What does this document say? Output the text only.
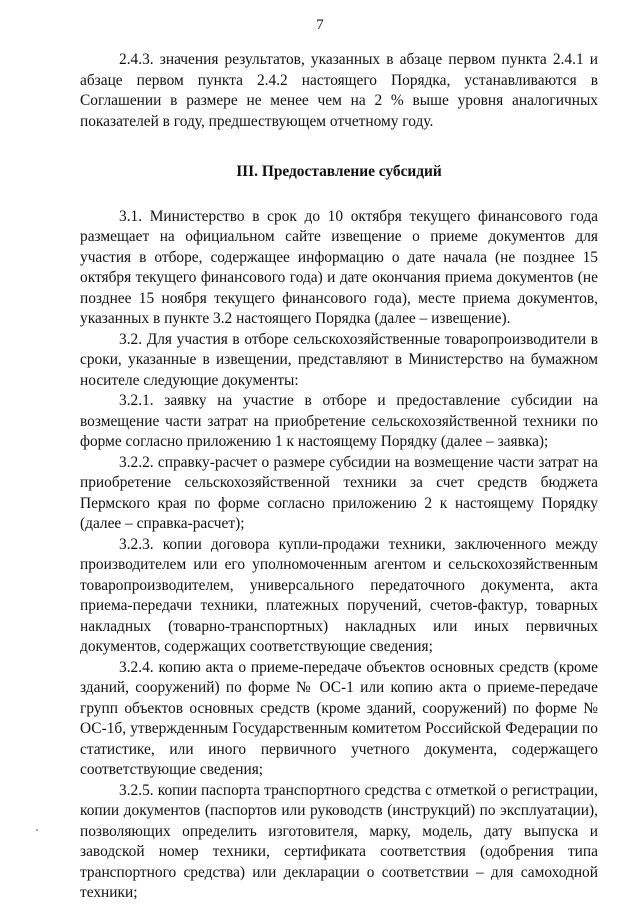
7

2.4.3. значения результатов, указанных в абзаце первом пункта 2.4.1 и абзаце первом пункта 2.4.2 настоящего Порядка, устанавливаются в Соглашении в размере не менее чем на 2 % выше уровня аналогичных показателей в году, предшествующем отчетному году.

III. Предоставление субсидий

3.1. Министерство в срок до 10 октября текущего финансового года размещает на официальном сайте извещение о приеме документов для участия в отборе, содержащее информацию о дате начала (не позднее 15 октября текущего финансового года) и дате окончания приема документов (не позднее 15 ноября текущего финансового года), месте приема документов, указанных в пункте 3.2 настоящего Порядка (далее – извещение).

3.2. Для участия в отборе сельскохозяйственные товаропроизводители в сроки, указанные в извещении, представляют в Министерство на бумажном носителе следующие документы:

3.2.1. заявку на участие в отборе и предоставление субсидии на возмещение части затрат на приобретение сельскохозяйственной техники по форме согласно приложению 1 к настоящему Порядку (далее – заявка);

3.2.2. справку-расчет о размере субсидии на возмещение части затрат на приобретение сельскохозяйственной техники за счет средств бюджета Пермского края по форме согласно приложению 2 к настоящему Порядку (далее – справка-расчет);

3.2.3. копии договора купли-продажи техники, заключенного между производителем или его уполномоченным агентом и сельскохозяйственным товаропроизводителем, универсального передаточного документа, акта приема-передачи техники, платежных поручений, счетов-фактур, товарных накладных (товарно-транспортных) накладных или иных первичных документов, содержащих соответствующие сведения;

3.2.4. копию акта о приеме-передаче объектов основных средств (кроме зданий, сооружений) по форме № ОС-1 или копию акта о приеме-передаче групп объектов основных средств (кроме зданий, сооружений) по форме № ОС-1б, утвержденным Государственным комитетом Российской Федерации по статистике, или иного первичного учетного документа, содержащего соответствующие сведения;

3.2.5. копии паспорта транспортного средства с отметкой о регистрации, копии документов (паспортов или руководств (инструкций) по эксплуатации), позволяющих определить изготовителя, марку, модель, дату выпуска и заводской номер техники, сертификата соответствия (одобрения типа транспортного средства) или декларации о соответствии – для самоходной техники;
